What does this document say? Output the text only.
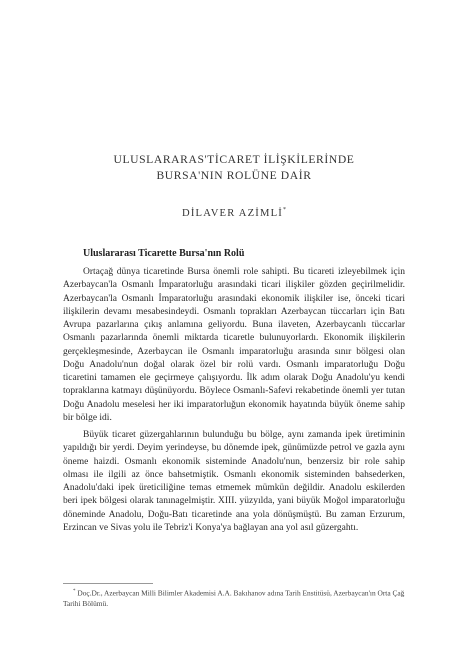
ULUSLARARAS'TİCARET İLİŞKİLERİNDE
BURSA'NIN ROLÜNE DAİR
DİLAVER AZİMLİ*
Uluslararası Ticarette Bursa'nın Rolü

Ortaçağ dünya ticaretinde Bursa önemli role sahipti. Bu ticareti izleyebilmek için Azerbaycan'la Osmanlı İmparatorluğu arasındaki ticari ilişkiler gözden geçirilmelidir. Azerbaycan'la Osmanlı İmparatorluğu arasındaki ekonomik ilişkiler ise, önceki ticari ilişkilerin devamı mesabesindeydi. Osmanlı toprakları Azerbaycan tüccarları için Batı Avrupa pazarlarına çıkış anlamına geliyordu. Buna ilaveten, Azerbaycanlı tüccarlar Osmanlı pazarlarında önemli miktarda ticaretle bulunuyorlardı. Ekonomik ilişkilerin gerçekleşmesinde, Azerbaycan ile Osmanlı imparatorluğu arasında sınır bölgesi olan Doğu Anadolu'nun doğal olarak özel bir rolü vardı. Osmanlı imparatorluğu Doğu ticaretini tamamen ele geçirmeye çalışıyordu. İlk adım olarak Doğu Anadolu'yu kendi topraklarına katmayı düşünüyordu. Böylece Osmanlı-Safevi rekabetinde önemli yer tutan Doğu Anadolu meselesi her iki imparatorluğun ekonomik hayatında büyük öneme sahip bir bölge idi.

Büyük ticaret güzergahlarının bulunduğu bu bölge, aynı zamanda ipek üretiminin yapıldığı bir yerdi. Deyim yerindeyse, bu dönemde ipek, günümüzde petrol ve gazla aynı öneme haizdi. Osmanlı ekonomik sisteminde Anadolu'nun, benzersiz bir role sahip olması ile ilgili az önce bahsetmiştik. Osmanlı ekonomik sisteminden bahsederken, Anadolu'daki ipek üreticiliğine temas etmemek mümkün değildir. Anadolu eskilerden beri ipek bölgesi olarak tanınagelmiştir. XIII. yüzyılda, yani büyük Moğol imparatorluğu döneminde Anadolu, Doğu-Batı ticaretinde ana yola dönüşmüştü. Bu zaman Erzurum, Erzincan ve Sivas yolu ile Tebriz'i Konya'ya bağlayan ana yol asıl güzergahtı.

* Doç.Dr., Azerbaycan Milli Bilimler Akademisi A.A. Bakıhanov adına Tarih Enstitüsü, Azerbaycan'ın Orta Çağ Tarihi Bölümü.
